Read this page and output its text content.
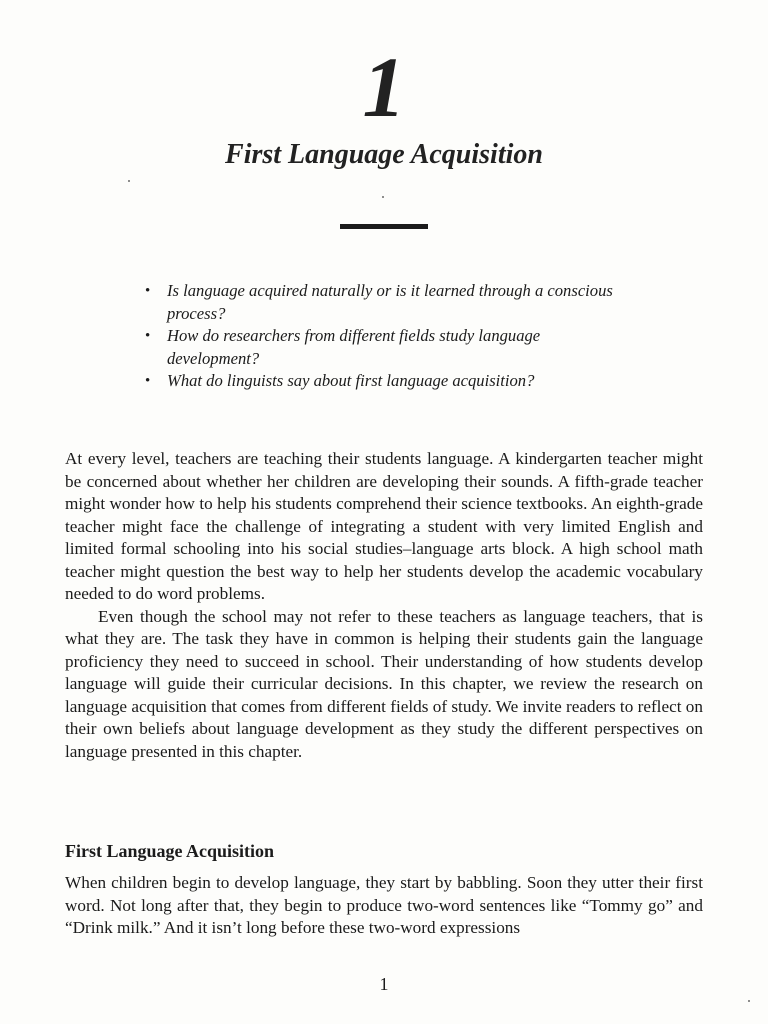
1
First Language Acquisition
• Is language acquired naturally or is it learned through a conscious process?
• How do researchers from different fields study language development?
• What do linguists say about first language acquisition?

At every level, teachers are teaching their students language. A kindergarten teacher might be concerned about whether her children are developing their sounds. A fifth-grade teacher might wonder how to help his students comprehend their science textbooks. An eighth-grade teacher might face the challenge of integrating a student with very limited English and limited formal schooling into his social studies–language arts block. A high school math teacher might question the best way to help her students develop the academic vocabulary needed to do word problems.

Even though the school may not refer to these teachers as language teachers, that is what they are. The task they have in common is helping their students gain the language proficiency they need to succeed in school. Their understanding of how students develop language will guide their curricular decisions. In this chapter, we review the research on language acquisition that comes from different fields of study. We invite readers to reflect on their own beliefs about language development as they study the different perspectives on language presented in this chapter.

First Language Acquisition

When children begin to develop language, they start by babbling. Soon they utter their first word. Not long after that, they begin to produce two-word sentences like “Tommy go” and “Drink milk.” And it isn’t long before these two-word expressions

1
